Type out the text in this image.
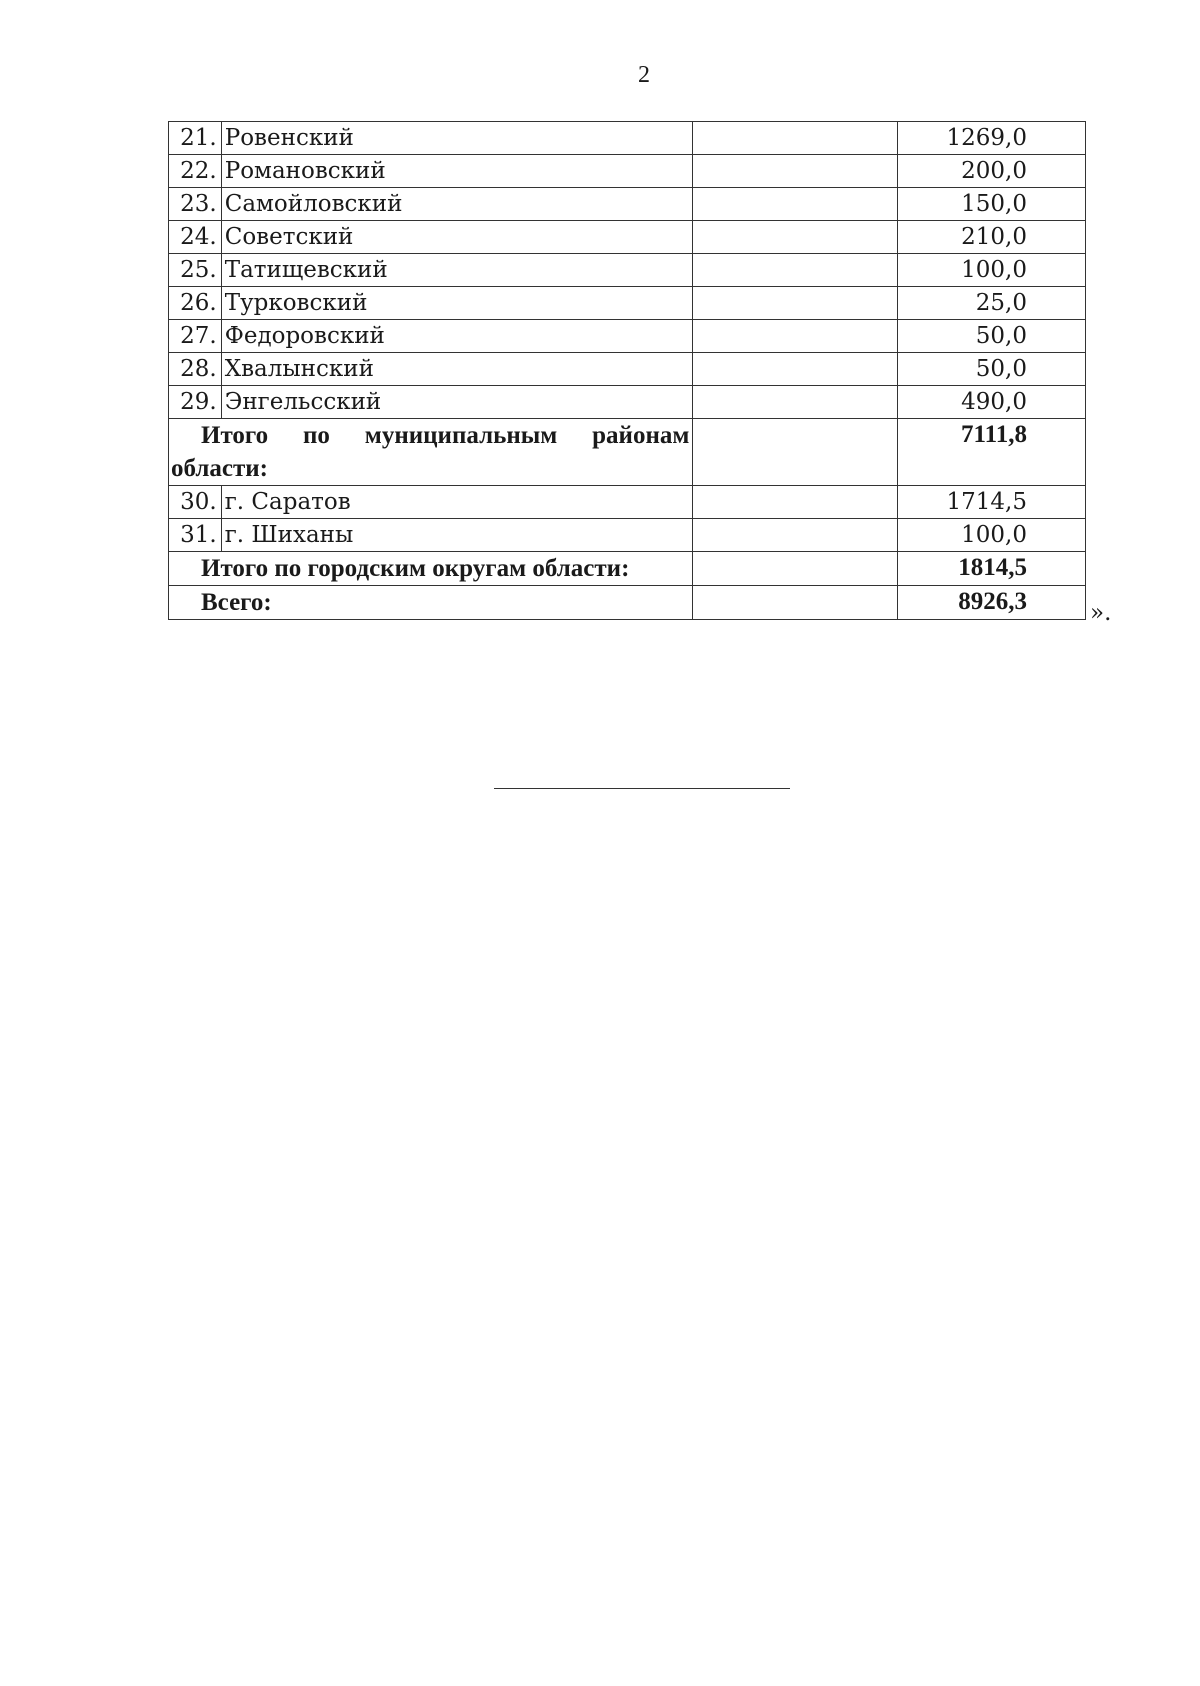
2
21.	Ровенский		1269,0
22.	Романовский		200,0
23.	Самойловский		150,0
24.	Советский		210,0
25.	Татищевский		100,0
26.	Турковский		25,0
27.	Федоровский		50,0
28.	Хвалынский		50,0
29.	Энгельсский		490,0

Итого по муниципальным районам
области:			7111,8
30.	г. Саратов		1714,5
31.	г. Шиханы		100,0
Итого по городским округам области:			1814,5
Всего:			8926,3	».
